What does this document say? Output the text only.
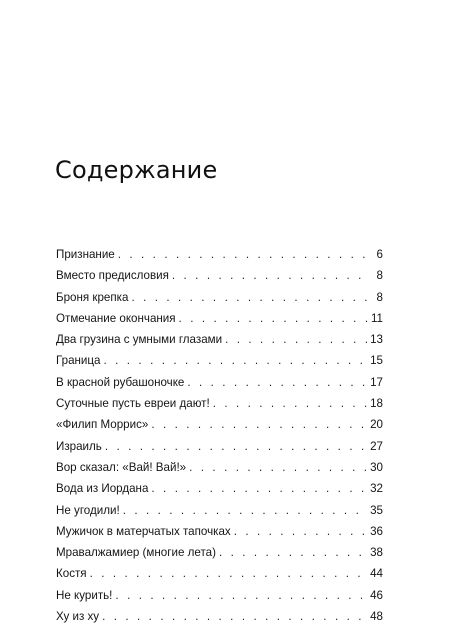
Содержание
Признание . . .	6
Вместо предисловия . . .	8
Броня крепка . . .	8
Отмечание окончания . . .	11
Два грузина с умными глазами . . .	13
Граница . . .	15
В красной рубашоночке . . .	17
Суточные пусть евреи дают! . . .	18
«Филип Моррис» . . .	20
Израиль . . .	27
Вор сказал: «Вай! Вай!» . . .	30
Вода из Иордана . . .	32
Не угодили! . . .	35
Мужичок в матерчатых тапочках . . .	36
Мравалжамиер (многие лета) . . .	38
Костя . . .	44
Не курить! . . .	46
Ху из ху . . .	48
